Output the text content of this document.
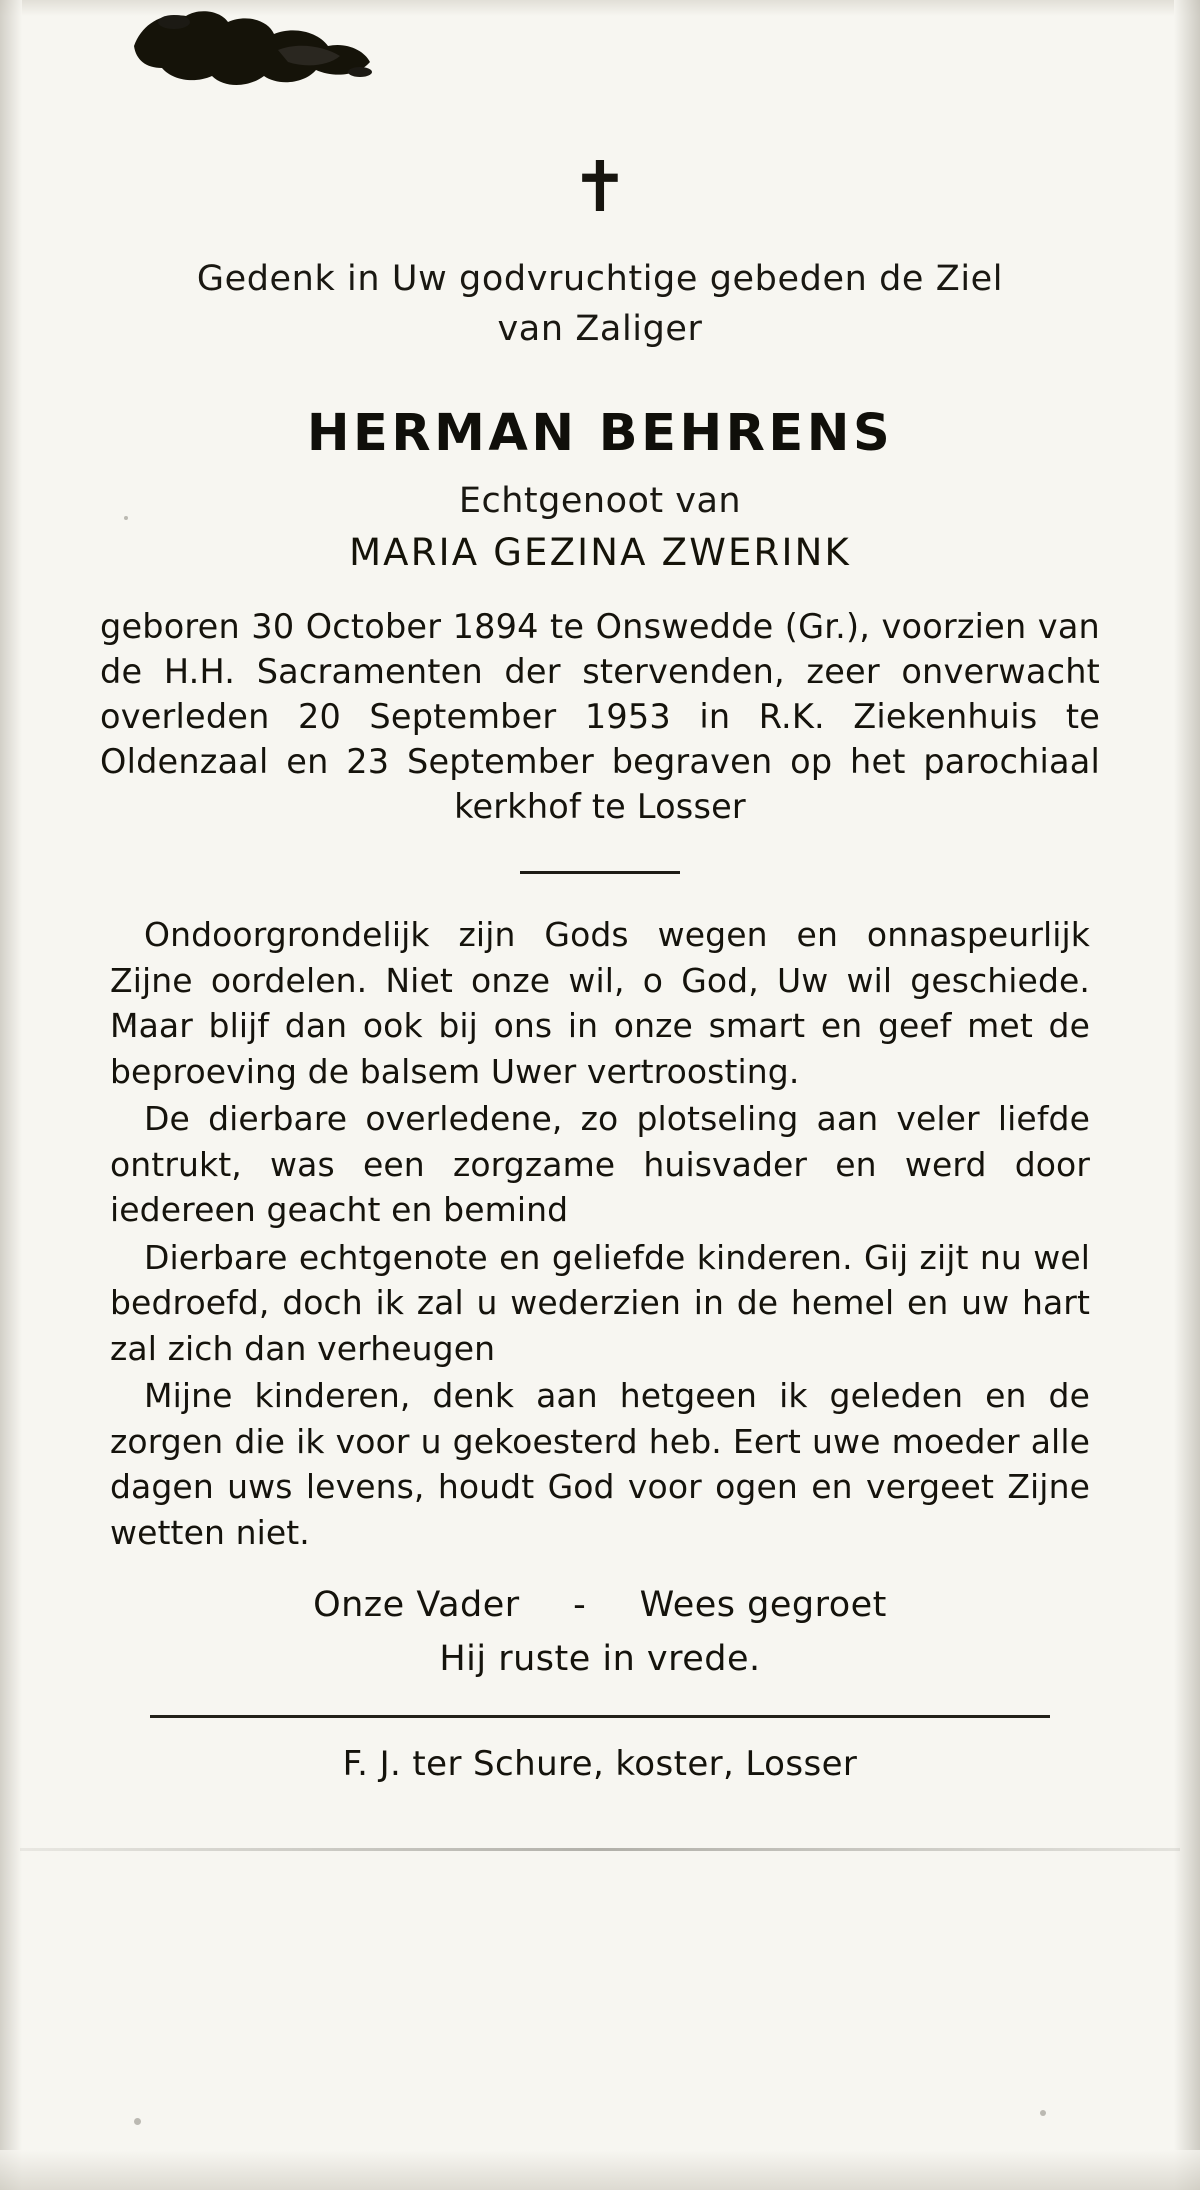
✝
Gedenk in Uw godvruchtige gebeden de Ziel
van Zaliger
HERMAN BEHRENS
Echtgenoot van
MARIA GEZINA ZWERINK
geboren 30 October 1894 te Onswedde (Gr.), voorzien van de H.H. Sacramenten der stervenden, zeer onverwacht overleden 20 September 1953 in R.K. Ziekenhuis te Oldenzaal en 23 September begraven op het parochiaal kerkhof te Losser

Ondoorgrondelijk zijn Gods wegen en onnaspeurlijk Zijne oordelen. Niet onze wil, o God, Uw wil geschiede. Maar blijf dan ook bij ons in onze smart en geef met de beproeving de balsem Uwer vertroosting.

De dierbare overledene, zo plotseling aan veler liefde ontrukt, was een zorgzame huisvader en werd door iedereen geacht en bemind

Dierbare echtgenote en geliefde kinderen. Gij zijt nu wel bedroefd, doch ik zal u wederzien in de hemel en uw hart zal zich dan verheugen

Mijne kinderen, denk aan hetgeen ik geleden en de zorgen die ik voor u gekoesterd heb. Eert uwe moeder alle dagen uws levens, houdt God voor ogen en vergeet Zijne wetten niet.

Onze Vader - Wees gegroet
Hij ruste in vrede.
F. J. ter Schure, koster, Losser
